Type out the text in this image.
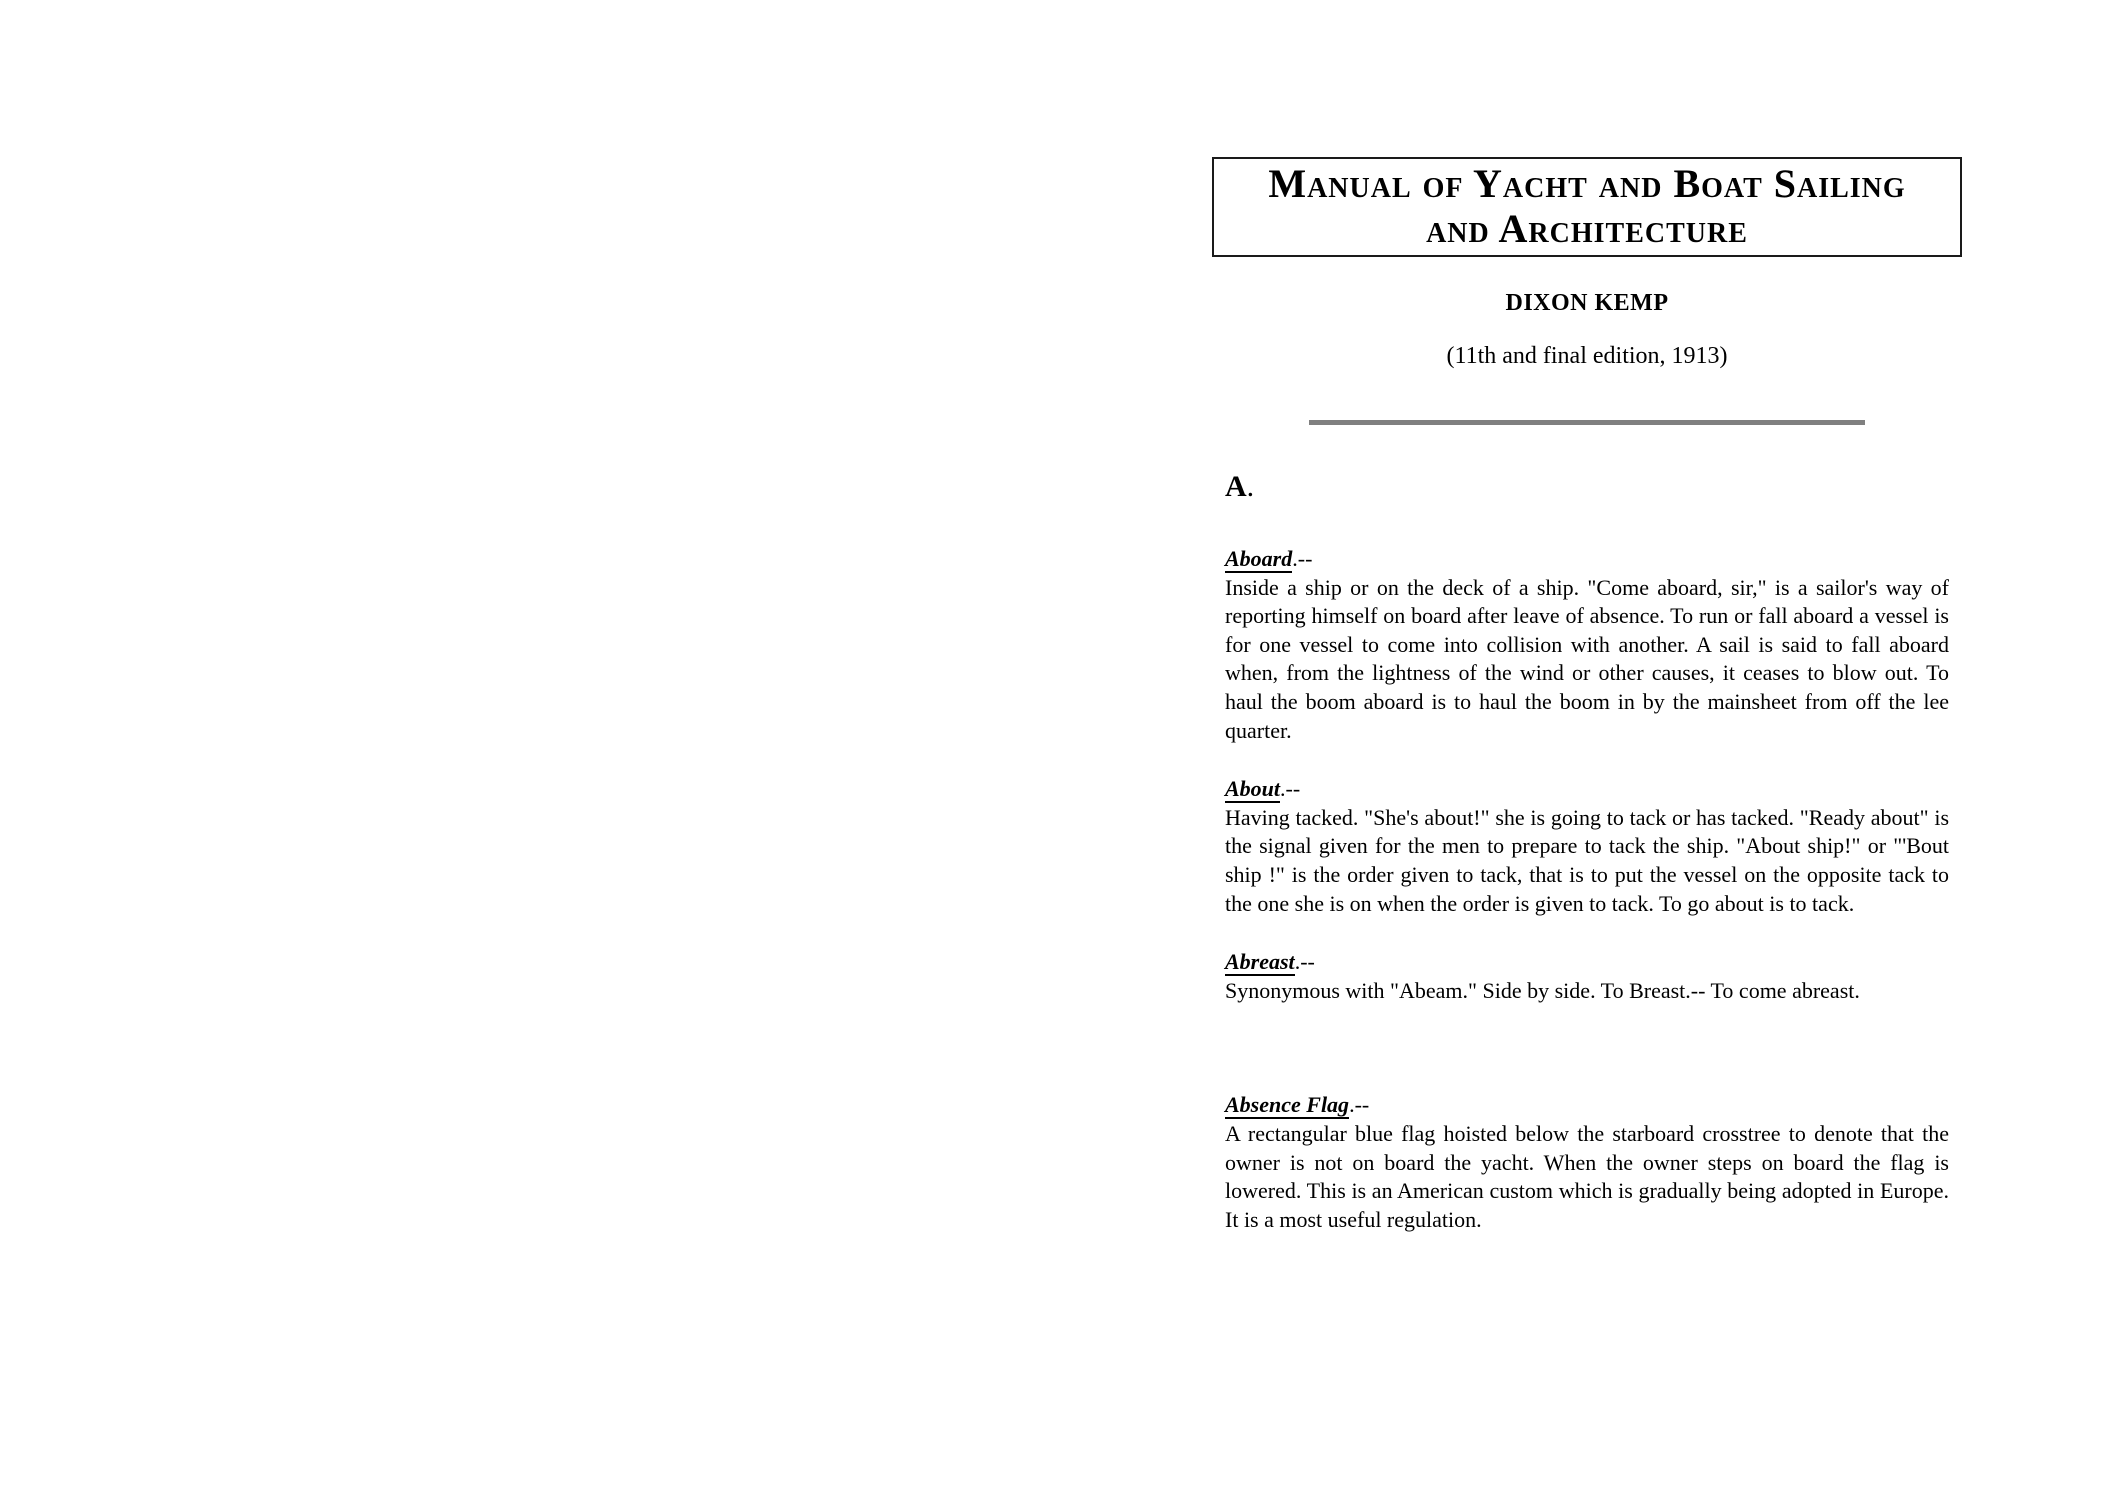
Manual of Yacht and Boat Sailing
and Architecture
DIXON KEMP
(11th and final edition, 1913)
A.
Aboard.--

Inside a ship or on the deck of a ship. "Come aboard, sir," is a sailor's way of reporting himself on board after leave of absence. To run or fall aboard a vessel is for one vessel to come into collision with another. A sail is said to fall aboard when, from the lightness of the wind or other causes, it ceases to blow out. To haul the boom aboard is to haul the boom in by the mainsheet from off the lee quarter.

About.--

Having tacked. "She's about!" she is going to tack or has tacked. "Ready about" is the signal given for the men to prepare to tack the ship. "About ship!" or "'Bout ship !" is the order given to tack, that is to put the vessel on the opposite tack to the one she is on when the order is given to tack. To go about is to tack.

Abreast.--

Synonymous with "Abeam." Side by side. To Breast.-- To come abreast.

Absence Flag.--

A rectangular blue flag hoisted below the starboard crosstree to denote that the owner is not on board the yacht. When the owner steps on board the flag is lowered. This is an American custom which is gradually being adopted in Europe. It is a most useful regulation.
